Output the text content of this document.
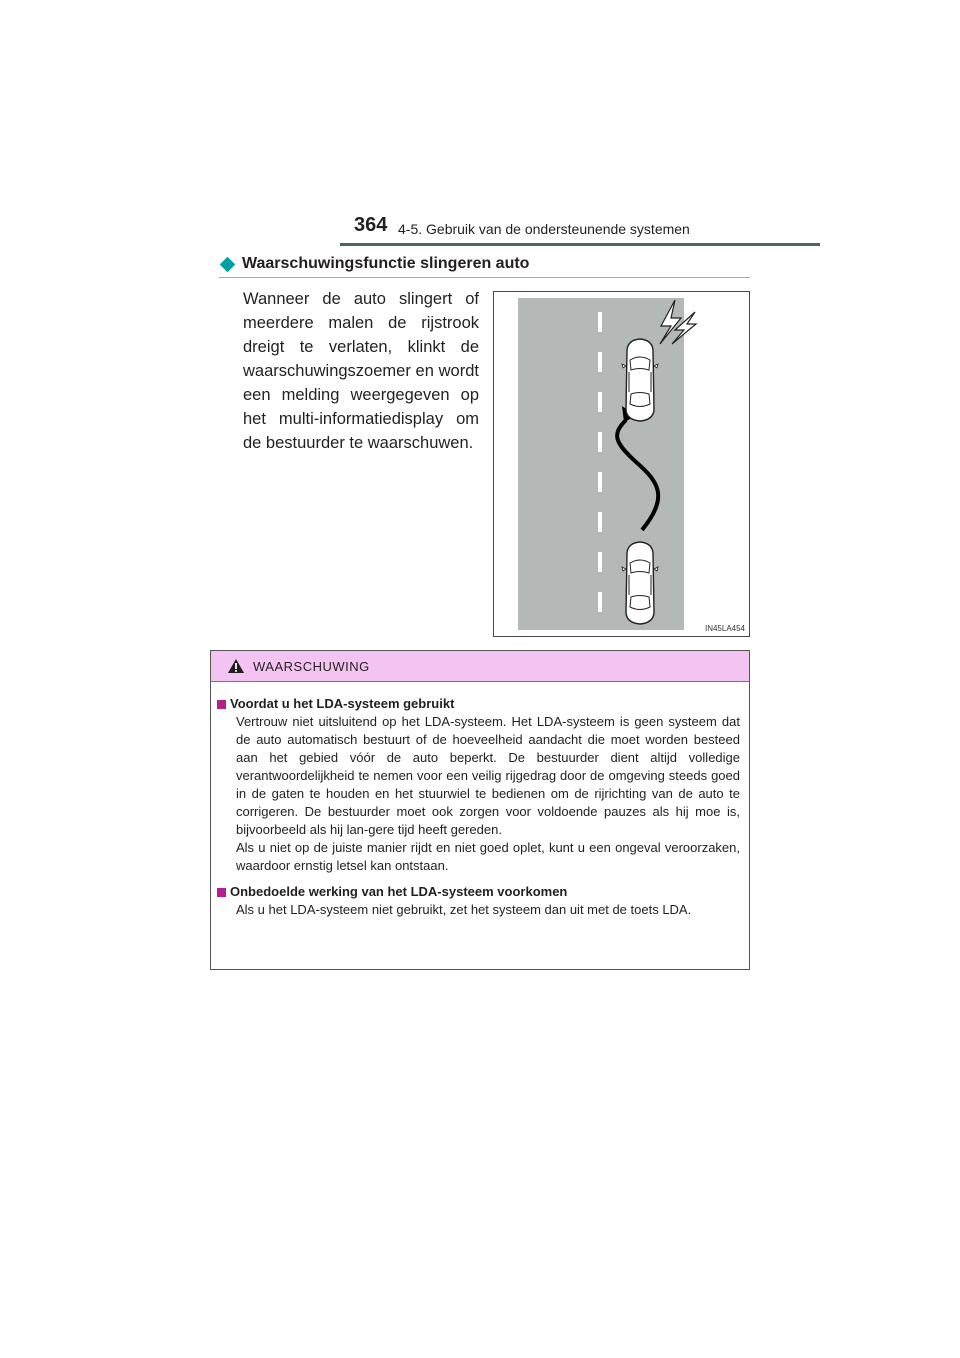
364 4-5. Gebruik van de ondersteunende systemen
Waarschuwingsfunctie slingeren auto
Wanneer de auto slingert of meerdere malen de rijstrook dreigt te verlaten, klinkt de waarschuwingszoemer en wordt een melding weergegeven op het multi-informatiedisplay om de bestuurder te waarschuwen.
IN45LA454
WAARSCHUWING
Voordat u het LDA-systeem gebruikt

Vertrouw niet uitsluitend op het LDA-systeem. Het LDA-systeem is geen systeem dat de auto automatisch bestuurt of de hoeveelheid aandacht die moet worden besteed aan het gebied vóór de auto beperkt. De bestuurder dient altijd volledige verantwoordelijkheid te nemen voor een veilig rijgedrag door de omgeving steeds goed in de gaten te houden en het stuurwiel te bedienen om de rijrichting van de auto te corrigeren. De bestuurder moet ook zorgen voor voldoende pauzes als hij moe is, bijvoorbeeld als hij lan-gere tijd heeft gereden.

Als u niet op de juiste manier rijdt en niet goed oplet, kunt u een ongeval veroorzaken, waardoor ernstig letsel kan ontstaan.

Onbedoelde werking van het LDA-systeem voorkomen

Als u het LDA-systeem niet gebruikt, zet het systeem dan uit met de toets LDA.
